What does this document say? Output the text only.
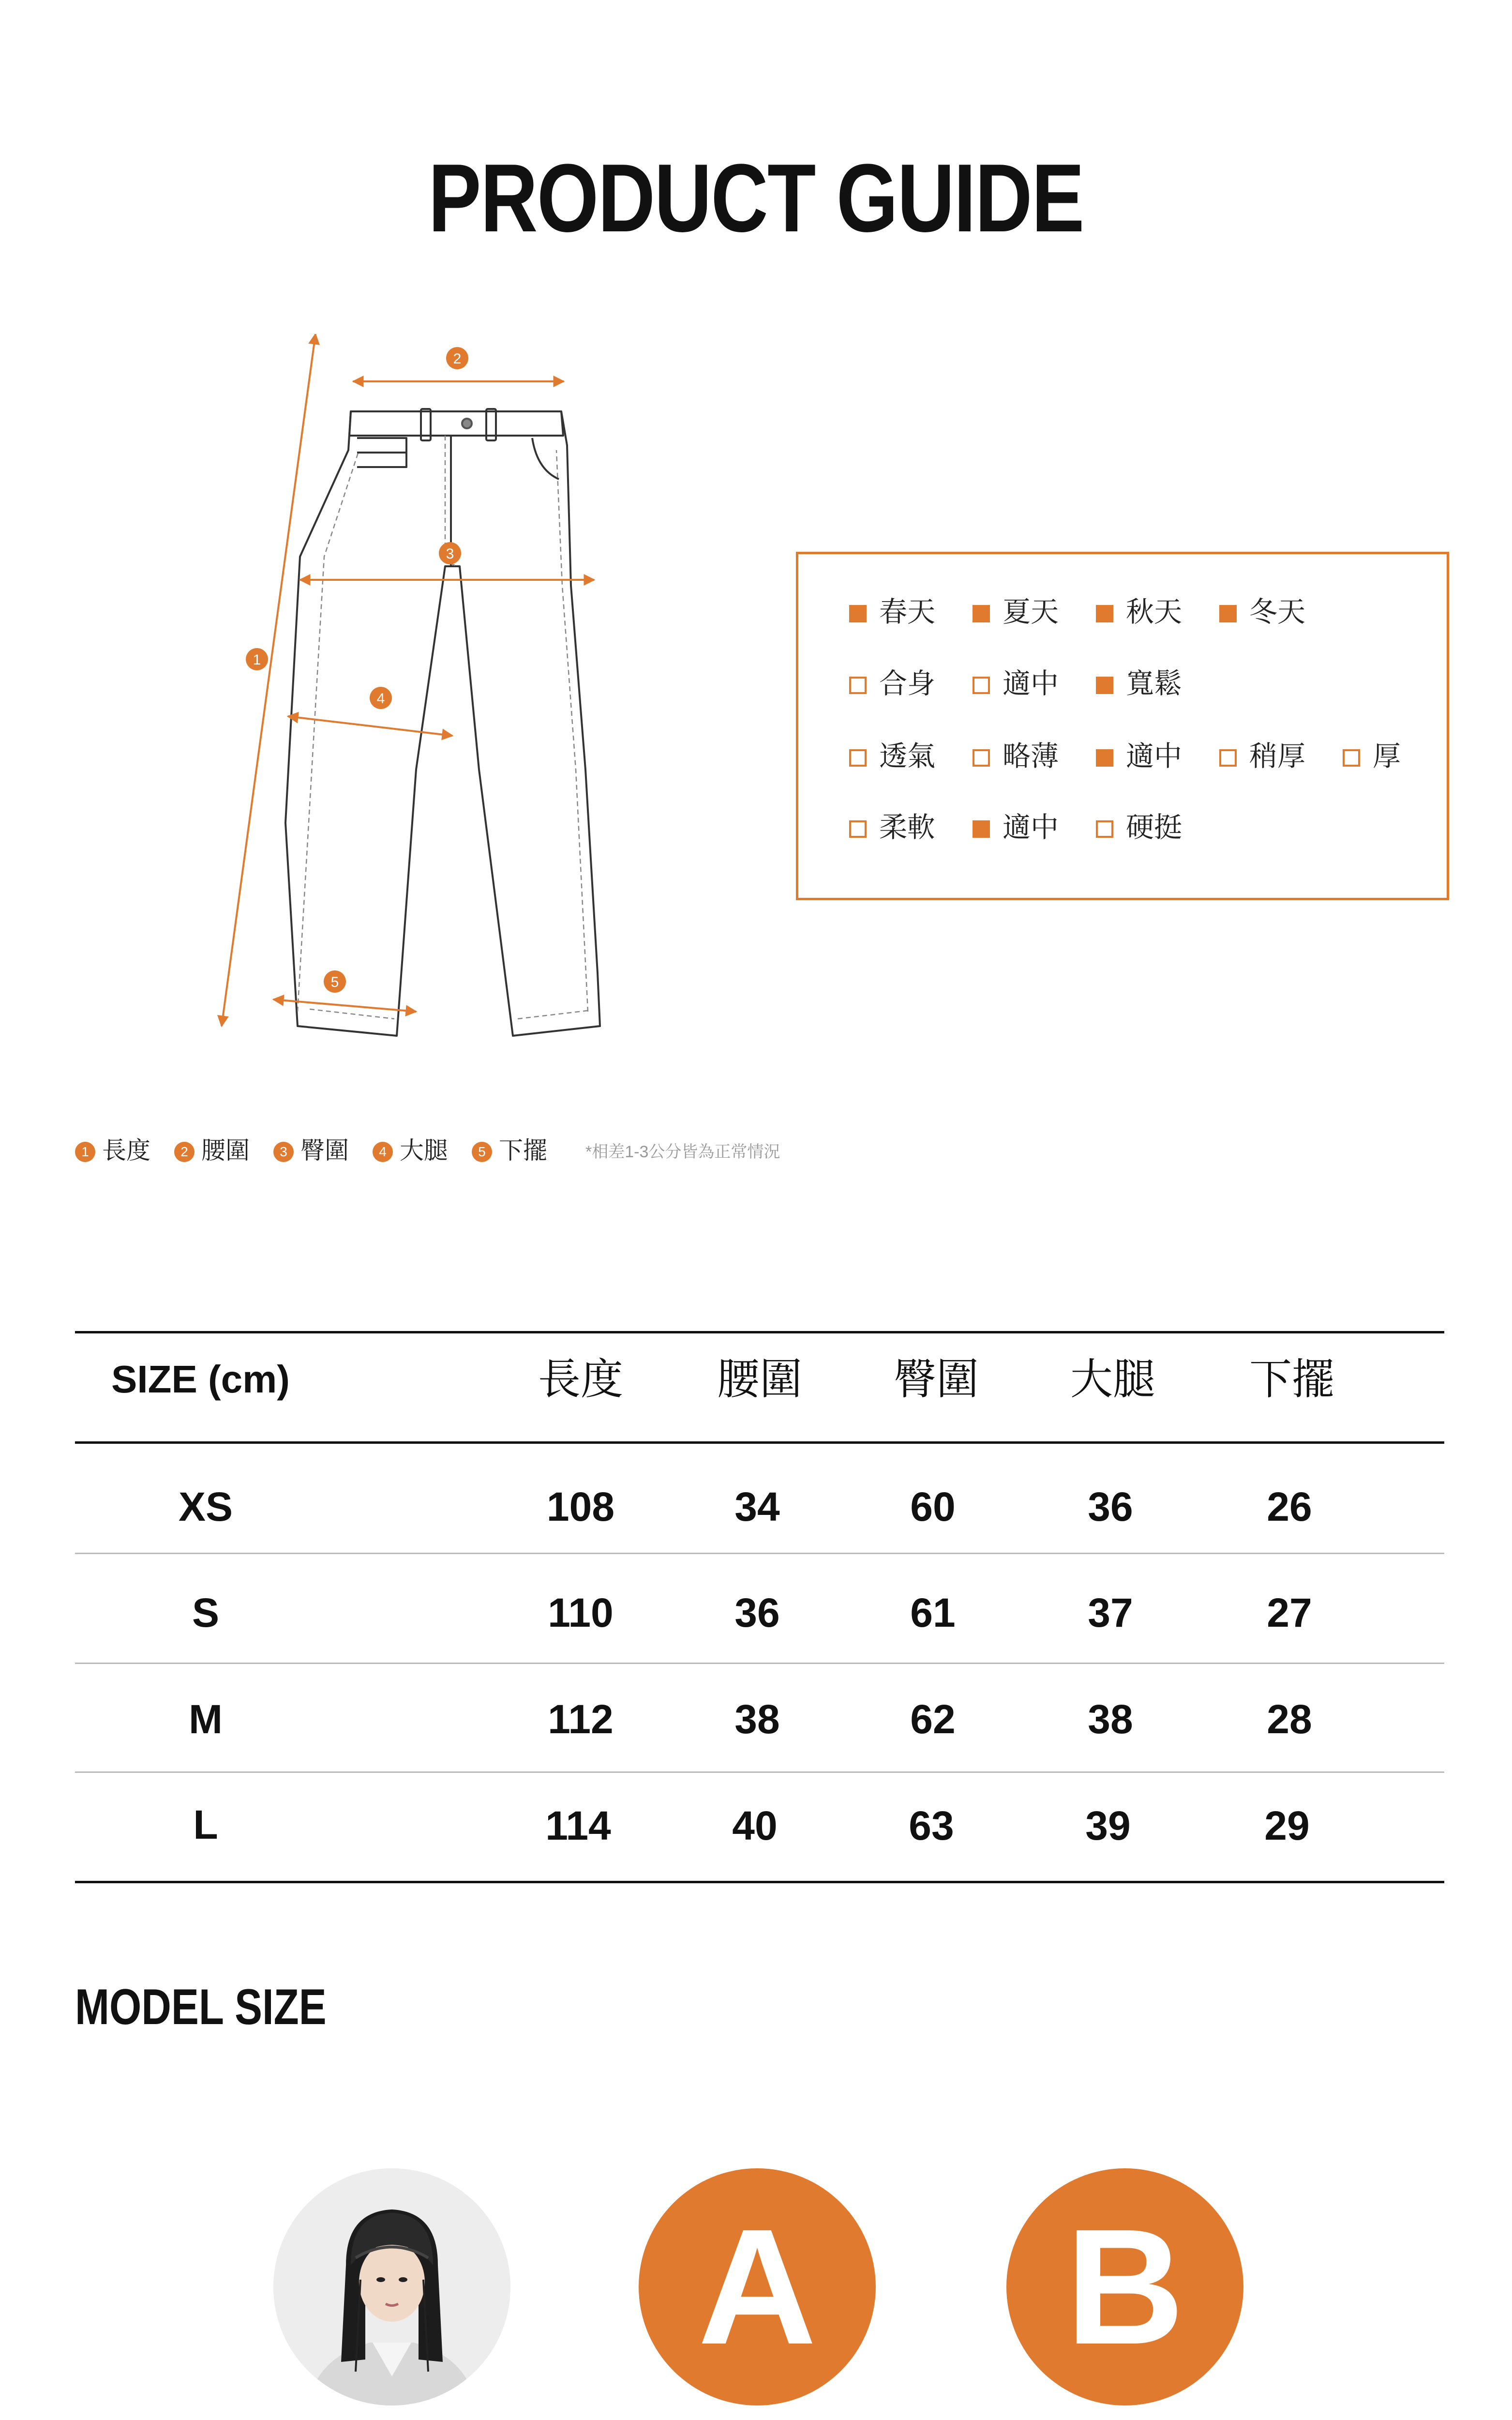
PRODUCT GUIDE
1
2
3
4
5
春天	夏天	秋天	冬天
合身	適中	寬鬆
透氣	略薄	適中	稍厚	厚
柔軟	適中	硬挺
1 長度	2 腰圍	3 臀圍	4 大腿	5 下擺 *相差1-3公分皆為正常情況
SIZE (cm)	長度	腰圍	臀圍	大腿	下擺
XS	108	34	60	36	26
S	110	36	61	37	27
M	112	38	62	38	28
L	114	40	63	39	29
MODEL SIZE
A	B
